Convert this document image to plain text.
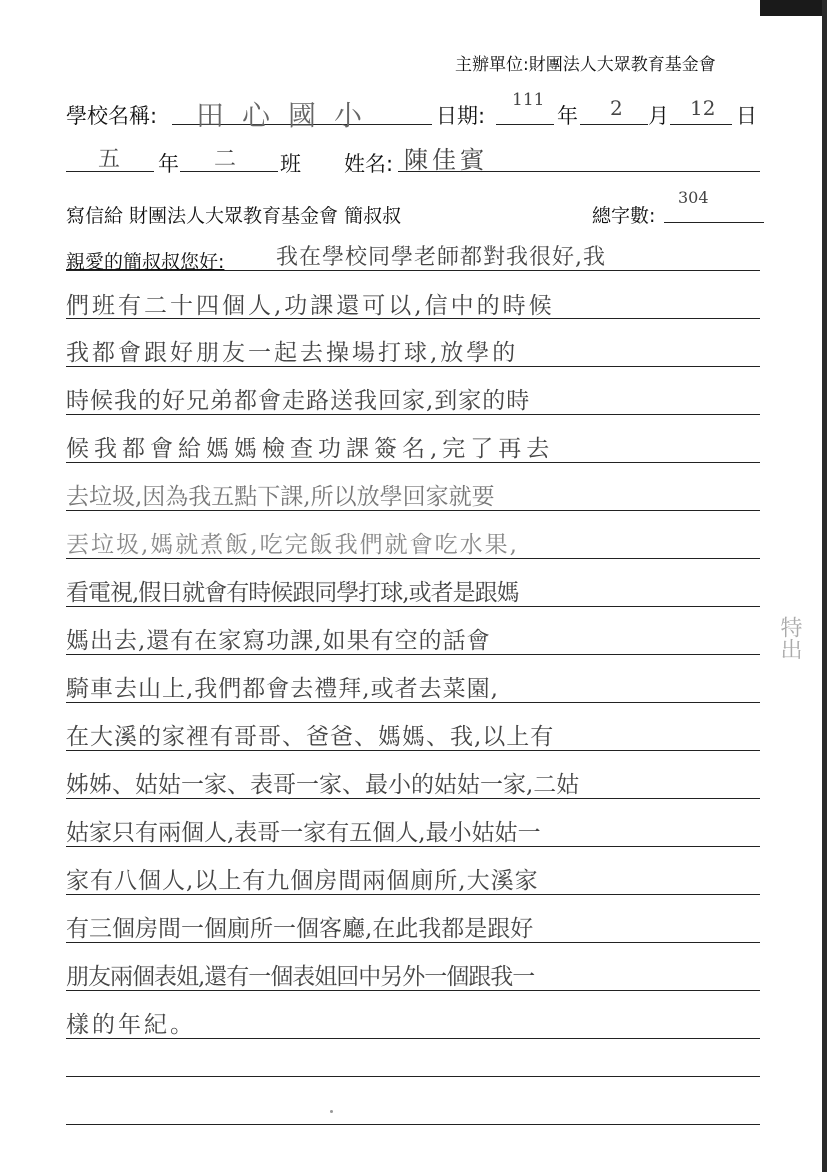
主辦單位:財團法人大眾教育基金會
學校名稱: 田心國小	日期:
111
年 2 月 12 日
五 年 二 班 姓名: 陳佳賓
寫信給 財團法人大眾教育基金會 簡叔叔	總字數:
304
親愛的簡叔叔您好: 我在學校同學老師都對我很好,我
們班有二十四個人,功課還可以,信中的時候
我都會跟好朋友一起去操場打球,放學的
時候我的好兄弟都會走路送我回家,到家的時
候我都會給媽媽檢查功課簽名,完了再去
去垃圾,因為我五點下課,所以放學回家就要
丟垃圾,媽就煮飯,吃完飯我們就會吃水果,
看電視,假日就會有時候跟同學打球,或者是跟媽
媽出去,還有在家寫功課,如果有空的話會
騎車去山上,我們都會去禮拜,或者去菜園,
在大溪的家裡有哥哥、爸爸、媽媽、我,以上有
姊姊、姑姑一家、表哥一家、最小的姑姑一家,二姑
姑家只有兩個人,表哥一家有五個人,最小姑姑一
家有八個人,以上有九個房間兩個廁所,大溪家
有三個房間一個廁所一個客廳,在此我都是跟好
朋友兩個表姐,還有一個表姐回中另外一個跟我一
樣的年紀。
特出
